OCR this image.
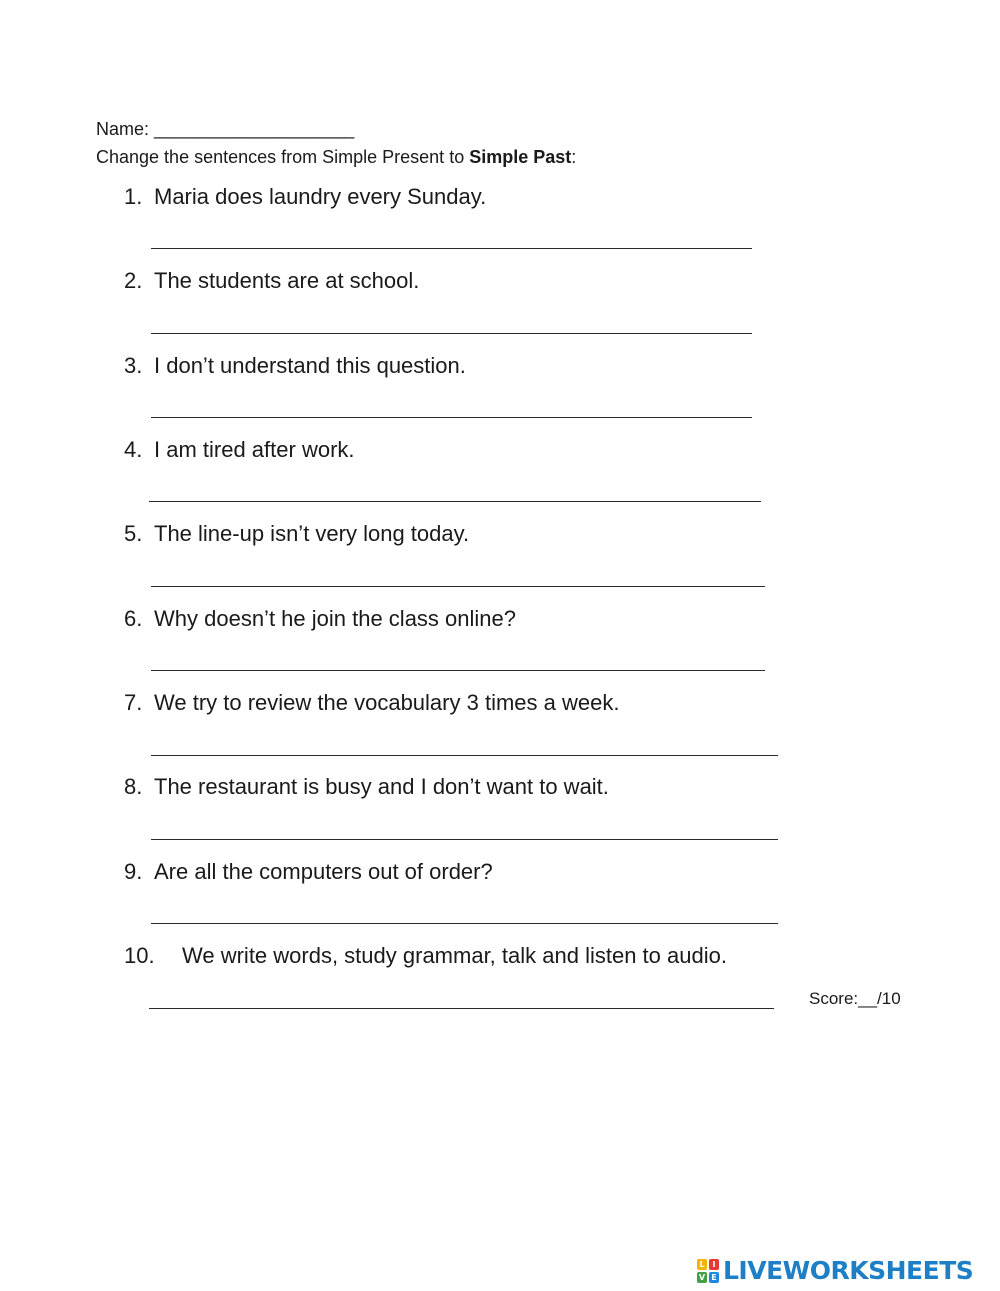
Name: ____________________
Change the sentences from Simple Present to Simple Past:
1. Maria does laundry every Sunday.
2. The students are at school.
3. I don’t understand this question.
4. I am tired after work.
5. The line-up isn’t very long today.
6. Why doesn’t he join the class online?
7. We try to review the vocabulary 3 times a week.
8. The restaurant is busy and I don’t want to wait.
9. Are all the computers out of order?
10. We write words, study grammar, talk and listen to audio.
Score:__/10
L I
V E LIVEWORKSHEETS
